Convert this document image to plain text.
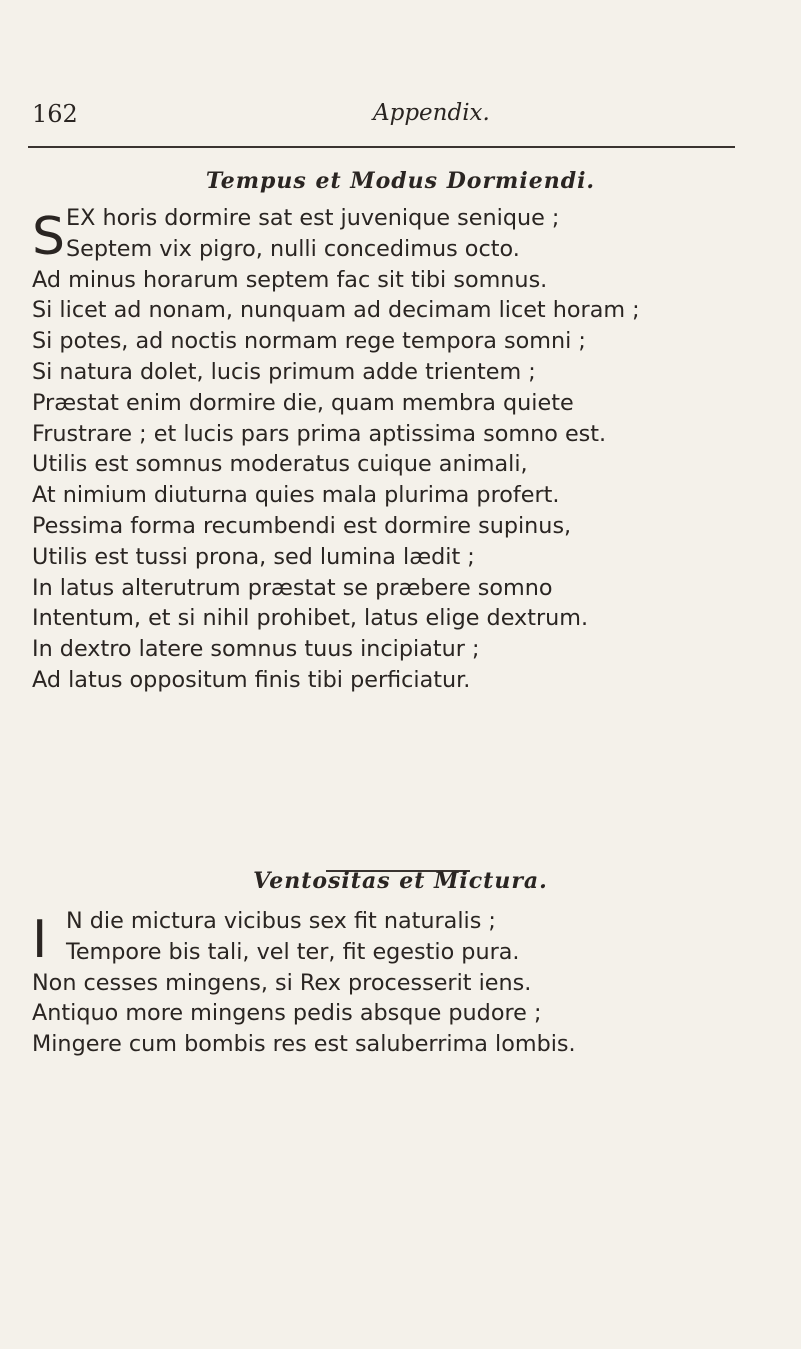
162	Appendix.
Tempus et Modus Dormiendi.
S EX horis dormire sat est juvenique senique ;
Septem vix pigro, nulli concedimus octo.
Ad minus horarum septem fac sit tibi somnus.
Si licet ad nonam, nunquam ad decimam licet horam ;
Si potes, ad noctis normam rege tempora somni ;
Si natura dolet, lucis primum adde trientem ;
Præstat enim dormire die, quam membra quiete
Frustrare ; et lucis pars prima aptissima somno est.
Utilis est somnus moderatus cuique animali,
At nimium diuturna quies mala plurima profert.
Pessima forma recumbendi est dormire supinus,
Utilis est tussi prona, sed lumina lædit ;
In latus alterutrum præstat se præbere somno
Intentum, et si nihil prohibet, latus elige dextrum.
In dextro latere somnus tuus incipiatur ;
Ad latus oppositum finis tibi perficiatur.
Ventositas et Mictura.
I N die mictura vicibus sex fit naturalis ;
Tempore bis tali, vel ter, fit egestio pura.
Non cesses mingens, si Rex processerit iens.
Antiquo more mingens pedis absque pudore ;
Mingere cum bombis res est saluberrima lombis.
